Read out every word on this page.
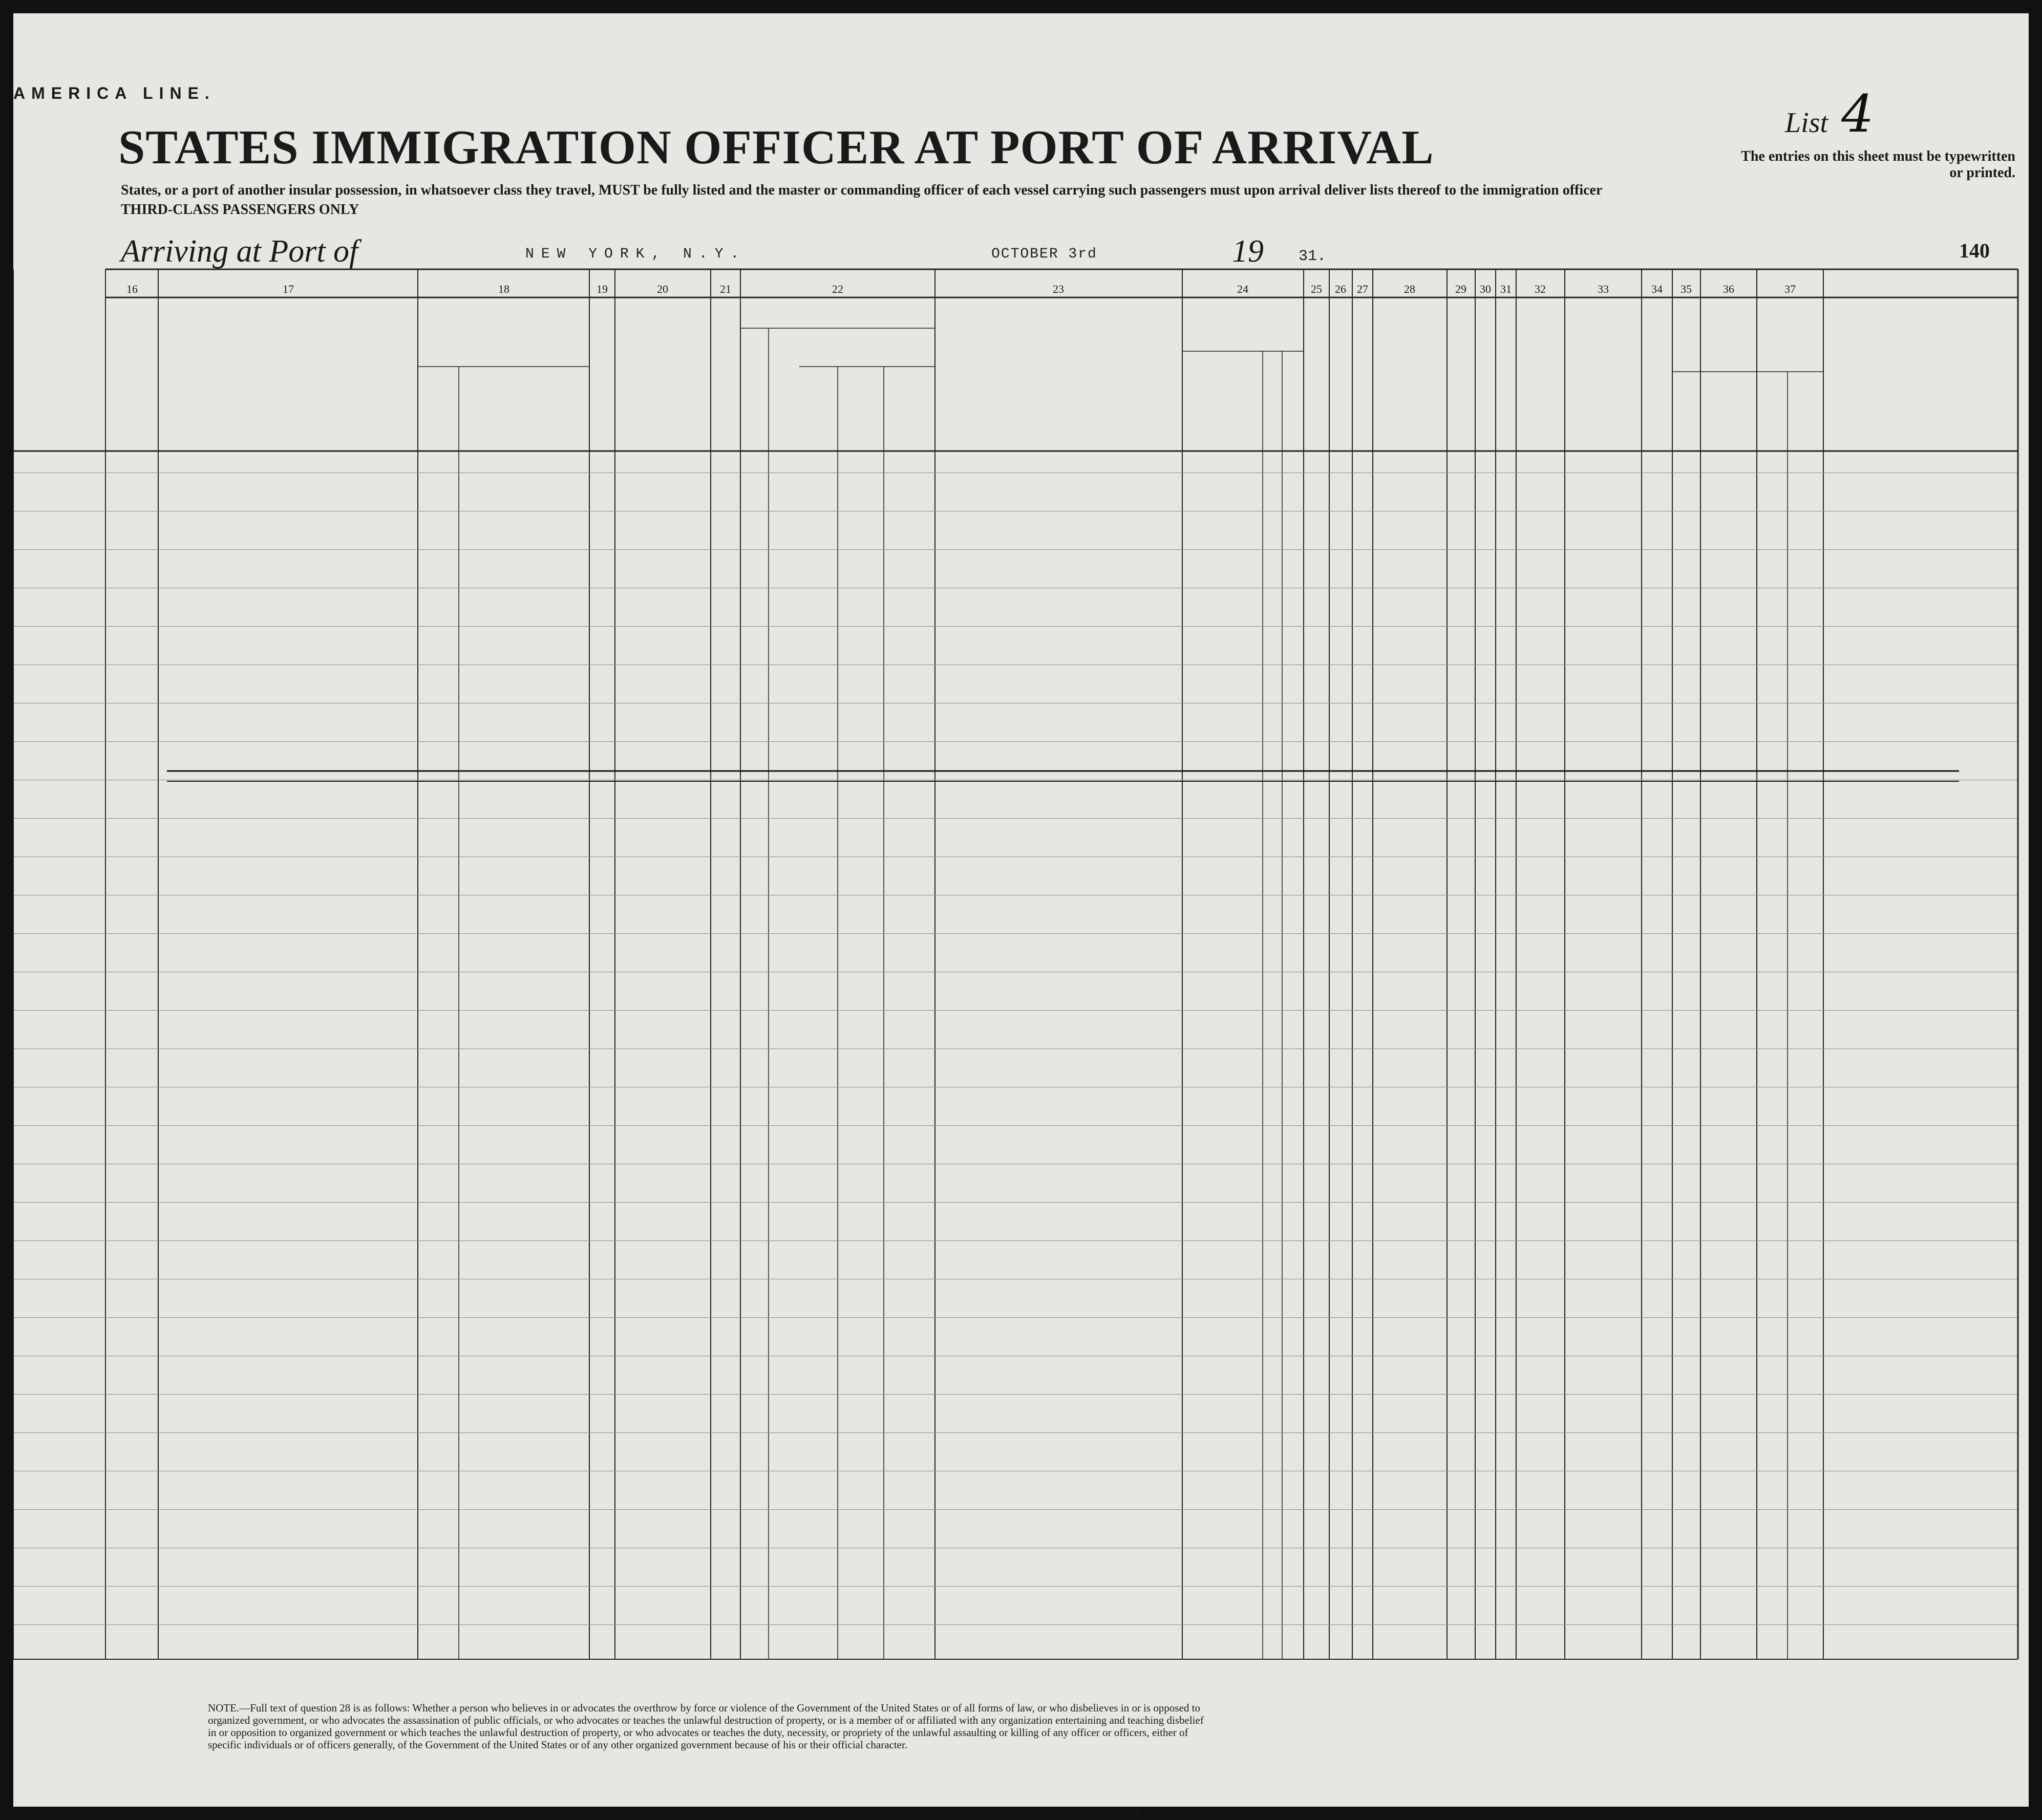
AMERICA LINE.
STATES IMMIGRATION OFFICER AT PORT OF ARRIVAL
States, or a port of another insular possession, in whatsoever class they travel, MUST be fully listed and the master or commanding officer of each vessel carrying such passengers must upon arrival deliver lists thereof to the immigration officer
THIRD-CLASS PASSENGERS ONLY
List 4
The entries on this sheet must be typewritten or printed.
Arriving at Port of	NEW YORK, N.Y.	OCTOBER 3rd	19 31.	140
16	17	18	19	20	21	22	23	24	25	26 27	28	29	30 31	32	33	34	35	36	37
NOTE.—Full text of question 28 is as follows: Whether a person who believes in or advocates the overthrow by force or violence of the Government of the United States or of all forms of law, or who disbelieves in or is opposed to organized government, or who advocates the assassination of public officials, or who advocates or teaches the unlawful destruction of property, or is a member of or affiliated with any organization entertaining and teaching disbelief in or opposition to organized government or which teaches the unlawful destruction of property, or who advocates or teaches the duty, necessity, or propriety of the unlawful assaulting or killing of any officer or officers, either of specific individuals or of officers generally, of the Government of the United States or of any other organized government because of his or their official character.
14—450
